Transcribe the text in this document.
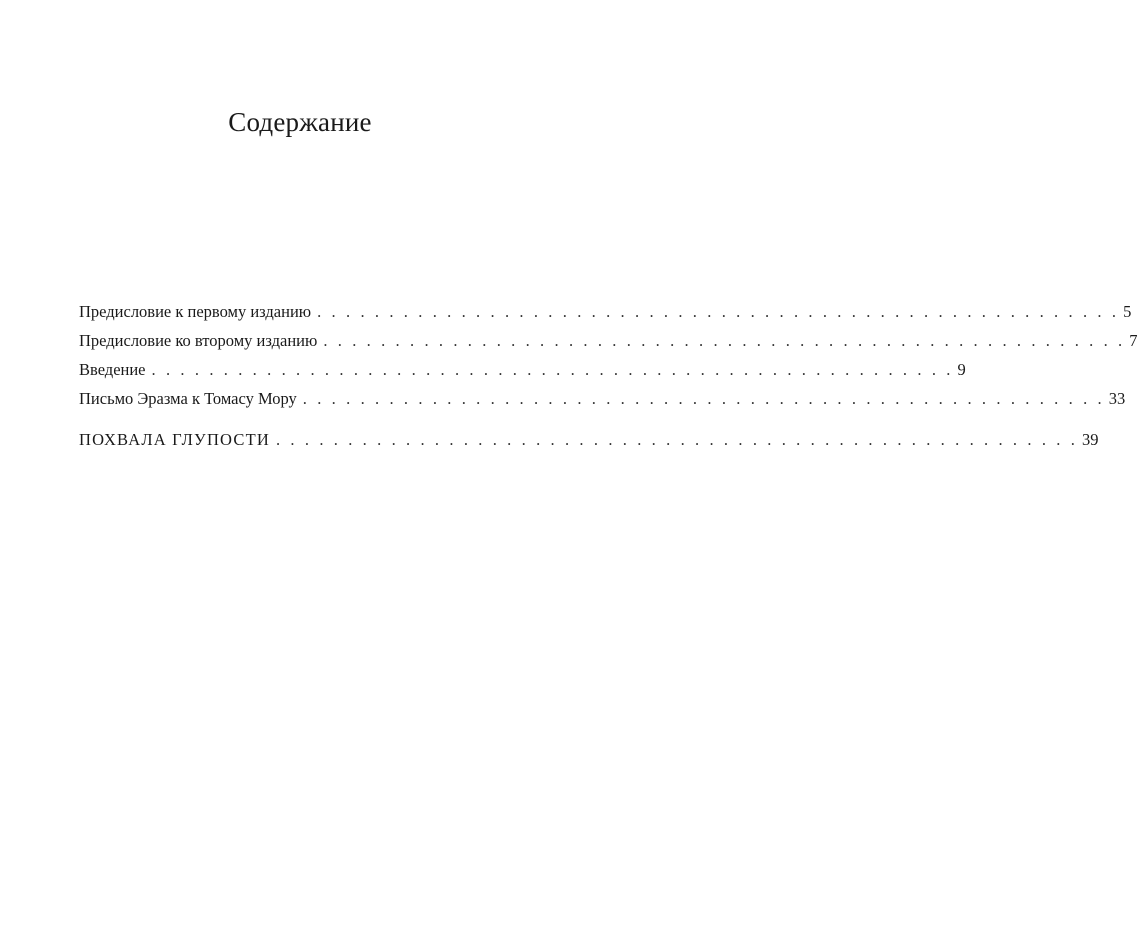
Содержание
Предисловие к первому изданию . . . . . . . . . . . . . . . . . . . . . . . . . . . . . . . . . . . . . . . . . . . . . . . . . . . . . . . . 5
Предисловие ко второму изданию . . . . . . . . . . . . . . . . . . . . . . . . . . . . . . . . . . . . . . . . . . . . . . . . . . . . . . . . 7
Введение . . . . . . . . . . . . . . . . . . . . . . . . . . . . . . . . . . . . . . . . . . . . . . . . . . . . . . . . 9
Письмо Эразма к Томасу Мору . . . . . . . . . . . . . . . . . . . . . . . . . . . . . . . . . . . . . . . . . . . . . . . . . . . . . . . . 33
ПОХВАЛА ГЛУПОСТИ . . . . . . . . . . . . . . . . . . . . . . . . . . . . . . . . . . . . . . . . . . . . . . . . . . . . . . . . 39
